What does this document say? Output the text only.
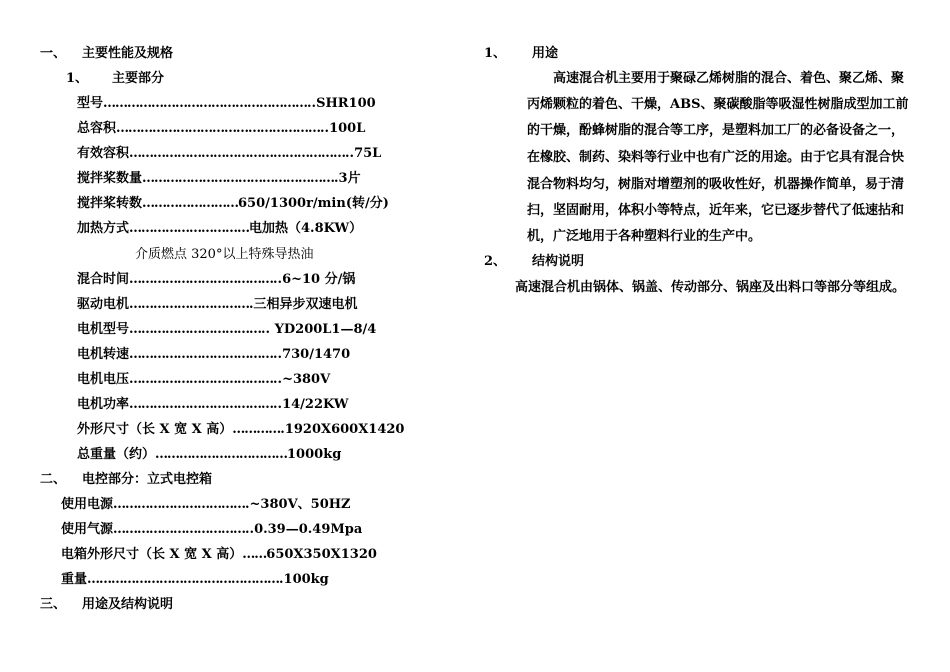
一、 主要性能及规格
1、 主要部分
型号……………………………………………..SHR100
总容积……………………………………………..100L
有效容积………………………………………………..75L
搅拌桨数量………………………………………….3片
搅拌桨转数……………………650/1300r/min(转/分)
加热方式…………………………电加热（4.8KW）
介质燃点 320°以上特殊导热油
混合时间………………………………..6~10 分/锅
驱动电机………………………….三相异步双速电机
电机型号…………………………….. YD200L1—8/4
电机转速………………………………..730/1470
电机电压………………………………..~380V
电机功率………………………………..14/22KW
外形尺寸（长 X 宽 X 高）………….1920X600X1420
总重量（约）……………………………1000kg
二、 电控部分：立式电控箱
使用电源…………………………….~380V、50HZ
使用气源……………………………..0.39—0.49Mpa
电箱外形尺寸（长 X 宽 X 高）……650X350X1320
重量………………………………………….100kg
三、 用途及结构说明
1、 用途
高速混合机主要用于聚碌乙烯树脂的混合、着色、聚乙烯、聚
丙烯颗粒的着色、干燥，ABS、聚碳酸脂等吸湿性树脂成型加工前
的干燥，酚蜂树脂的混合等工序，是塑料加工厂的必备设备之一，
在橡胶、制药、染料等行业中也有广泛的用途。由于它具有混合快
混合物料均匀，树脂对增塑剂的吸收性好，机器操作简单，易于清
扫，坚固耐用，体积小等特点，近年来，它已逐步替代了低速拈和
机，广泛地用于各种塑料行业的生产中。
2、 结构说明
高速混合机由锅体、锅盖、传动部分、锅座及出料口等部分等组成。
